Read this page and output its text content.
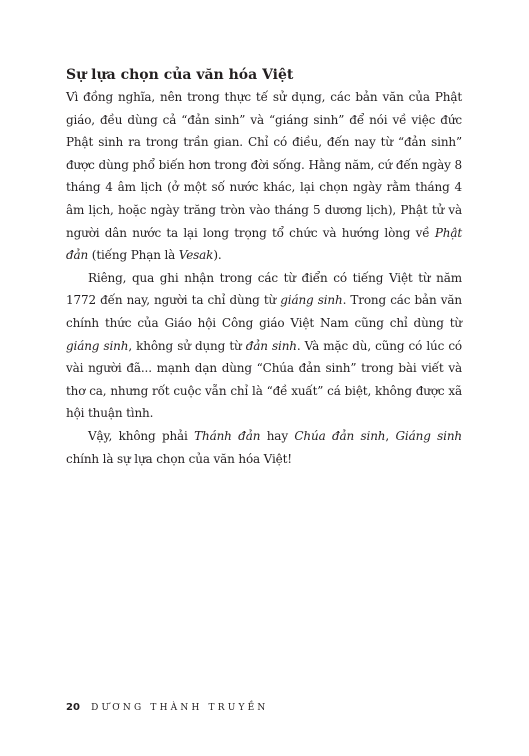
Sự lựa chọn của văn hóa Việt

Vì đồng nghĩa, nên trong thực tế sử dụng, các bản văn của Phật giáo, đều dùng cả “đản sinh” và “giáng sinh” để nói về việc đức Phật sinh ra trong trần gian. Chỉ có điều, đến nay từ “đản sinh” được dùng phổ biến hơn trong đời sống. Hằng năm, cứ đến ngày 8 tháng 4 âm lịch (ở một số nước khác, lại chọn ngày rằm tháng 4 âm lịch, hoặc ngày trăng tròn vào tháng 5 dương lịch), Phật tử và người dân nước ta lại long trọng tổ chức và hướng lòng về Phật đản (tiếng Phạn là Vesak).

Riêng, qua ghi nhận trong các từ điển có tiếng Việt từ năm 1772 đến nay, người ta chỉ dùng từ giáng sinh. Trong các bản văn chính thức của Giáo hội Công giáo Việt Nam cũng chỉ dùng từ giáng sinh, không sử dụng từ đản sinh. Và mặc dù, cũng có lúc có vài người đã... mạnh dạn dùng “Chúa đản sinh” trong bài viết và thơ ca, nhưng rốt cuộc vẫn chỉ là “đề xuất” cá biệt, không được xã hội thuận tình.

Vậy, không phải Thánh đản hay Chúa đản sinh, Giáng sinh chính là sự lựa chọn của văn hóa Việt!

20 DƯƠNG THÀNH TRUYỀN
